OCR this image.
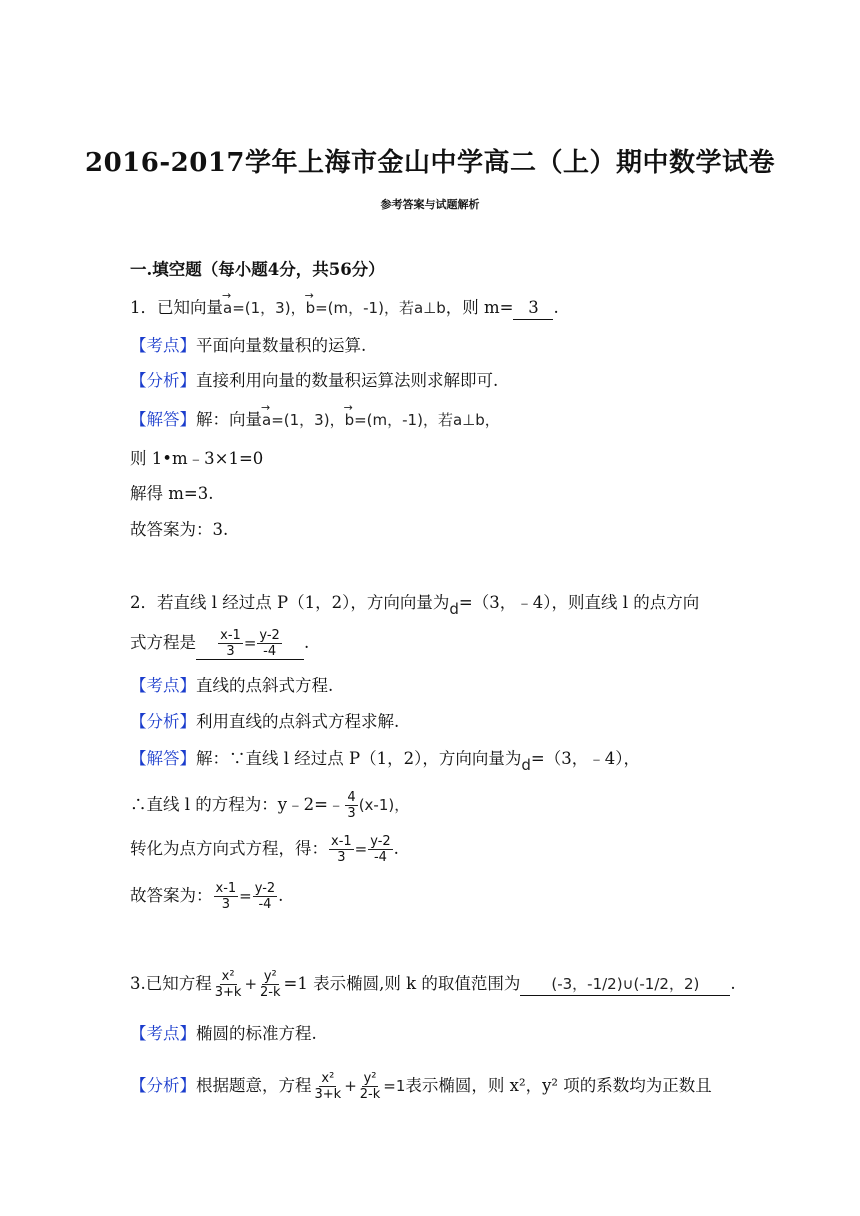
2016-2017学年上海市金山中学高二（上）期中数学试卷
参考答案与试题解析
一.填空题（每小题4分，共56分）
1．已知向量→ a=(1，3)，→ b=(m，-1)，若a⊥b，则 m= 3 .
【考点】平面向量数量积的运算.
【分析】直接利用向量的数量积运算法则求解即可.
【解答】解：向量→ a=(1，3)，→ b=(m，-1)，若a⊥b，
则 1•m﹣3×1=0
解得 m=3.
故答案为：3.
2．若直线 l 经过点 P（1，2），方向向量为d=（3，﹣4），则直线 l 的点方向
式方程是 $\frac{x-1}{3} = \frac{y-2}{-4}$ .
【考点】直线的点斜式方程.
【分析】利用直线的点斜式方程求解.
【解答】解：∵直线 l 经过点 P（1，2），方向向量为d=（3，﹣4），
∴直线 l 的方程为：y﹣2=﹣ $\frac{4}{3} (x-1)$，
转化为点方向式方程，得： $\frac{x-1}{3} = \frac{y-2}{-4}$ .
故答案为： $\frac{x-1}{3} = \frac{y-2}{-4}$ .
3.已知方程 $\frac{\text{x²}}{3+k} + \frac{\text{y²}}{2-k} =1$ 表示椭圆,则 k 的取值范围为 (-3，-1/2)∪(-1/2，2) .
【考点】椭圆的标准方程.
【分析】根据题意，方程 $\frac{\text{x²}}{3+k} + \frac{\text{y²}}{2-k} =1$表示椭圆，则 x²，y² 项的系数均为正数且
